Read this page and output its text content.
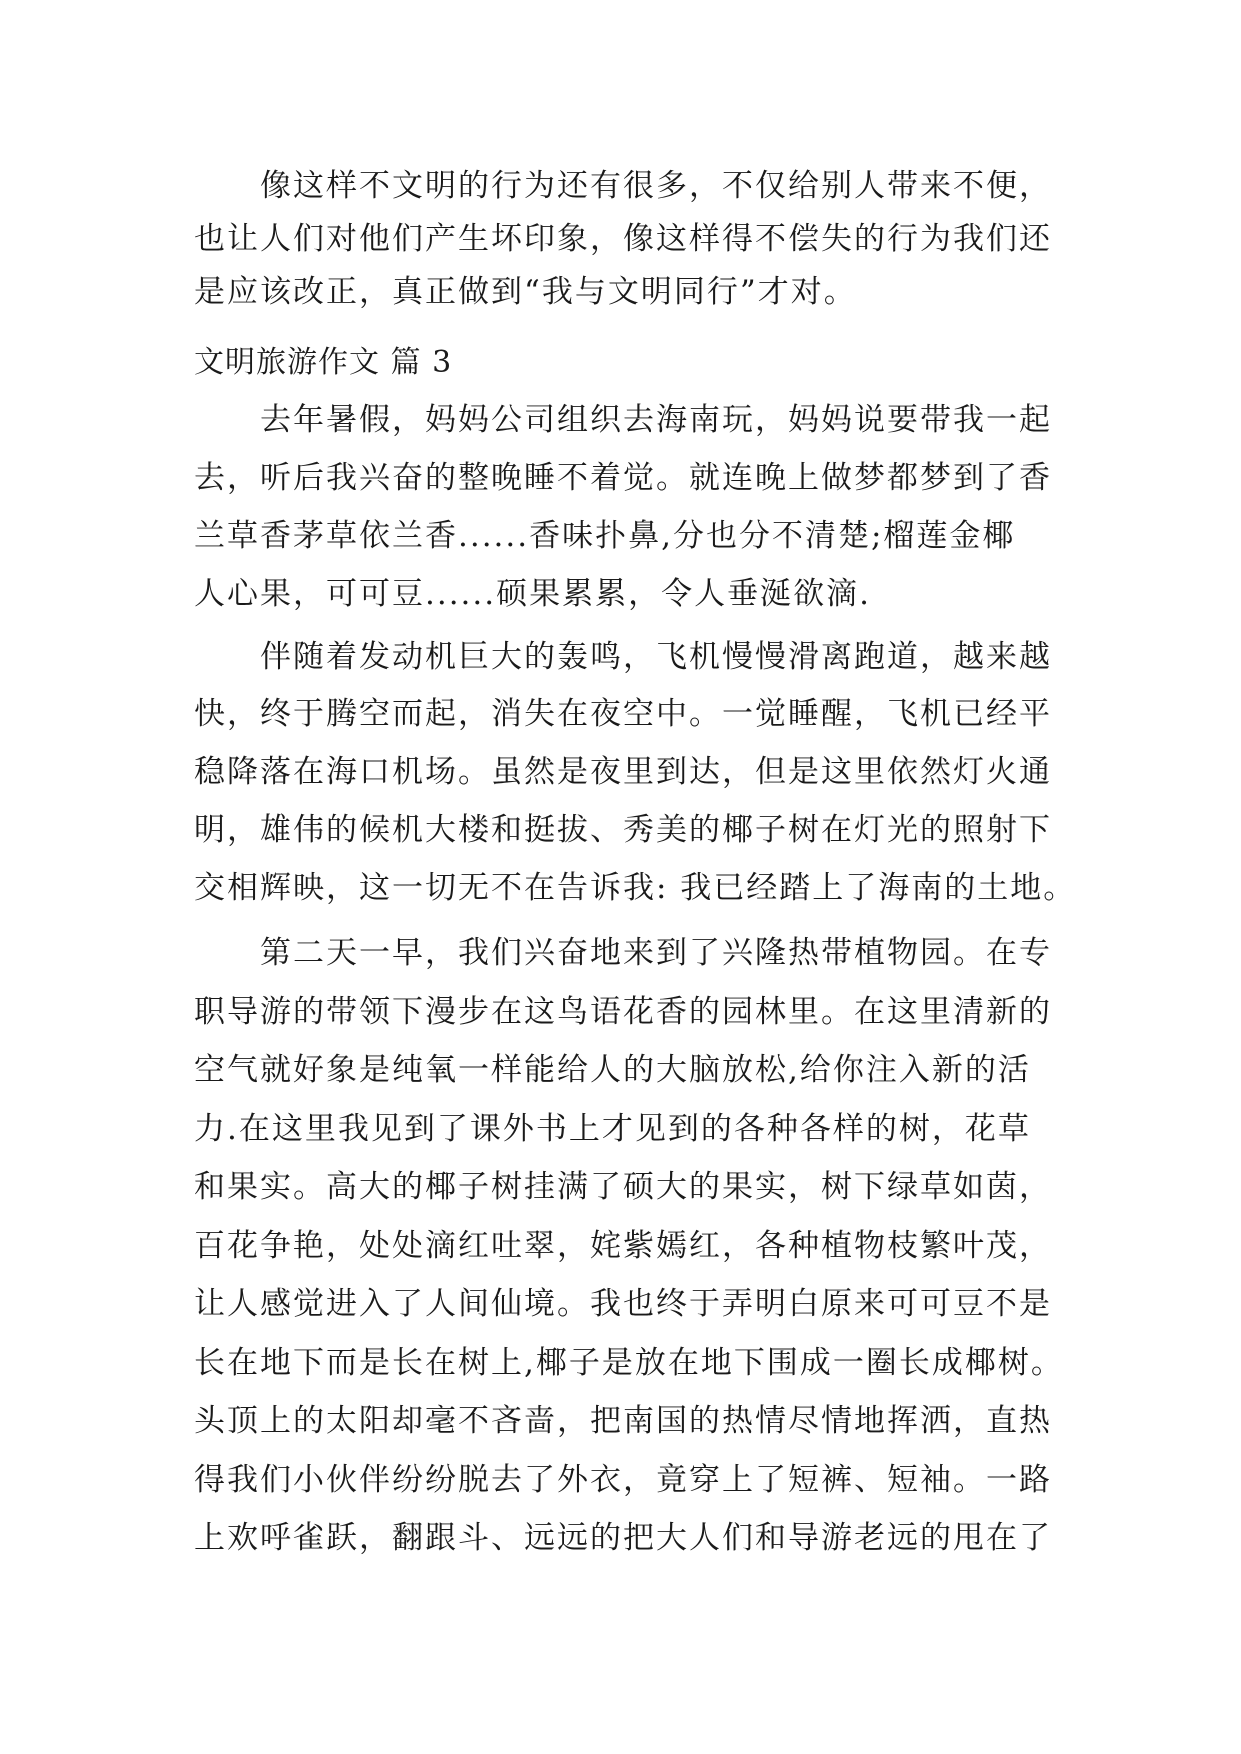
　　像这样不文明的行为还有很多，不仅给别人带来不便，
也让人们对他们产生坏印象，像这样得不偿失的行为我们还
是应该改正，真正做到“我与文明同行”才对。
文明旅游作文 篇 3
　　去年暑假，妈妈公司组织去海南玩，妈妈说要带我一起
去，听后我兴奋的整晚睡不着觉。就连晚上做梦都梦到了香
兰草香茅草依兰香......香味扑鼻,分也分不清楚;榴莲金椰
人心果，可可豆......硕果累累，令人垂涎欲滴.
　　伴随着发动机巨大的轰鸣，飞机慢慢滑离跑道，越来越
快，终于腾空而起，消失在夜空中。一觉睡醒，飞机已经平
稳降落在海口机场。虽然是夜里到达，但是这里依然灯火通
明，雄伟的候机大楼和挺拔、秀美的椰子树在灯光的照射下
交相辉映，这一切无不在告诉我: 我已经踏上了海南的土地。
　　第二天一早，我们兴奋地来到了兴隆热带植物园。在专
职导游的带领下漫步在这鸟语花香的园林里。在这里清新的
空气就好象是纯氧一样能给人的大脑放松,给你注入新的活
力.在这里我见到了课外书上才见到的各种各样的树，花草
和果实。高大的椰子树挂满了硕大的果实，树下绿草如茵，
百花争艳，处处滴红吐翠，姹紫嫣红，各种植物枝繁叶茂，
让人感觉进入了人间仙境。我也终于弄明白原来可可豆不是
长在地下而是长在树上,椰子是放在地下围成一圈长成椰树。
头顶上的太阳却毫不吝啬，把南国的热情尽情地挥洒，直热
得我们小伙伴纷纷脱去了外衣，竟穿上了短裤、短袖。一路
上欢呼雀跃，翻跟斗、远远的把大人们和导游老远的甩在了
